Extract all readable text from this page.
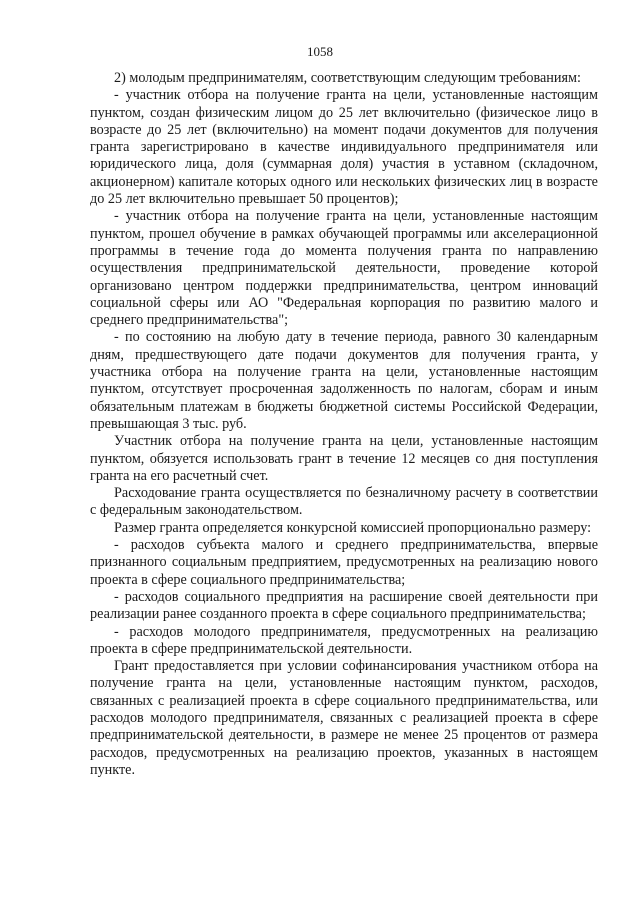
1058

2) молодым предпринимателям, соответствующим следующим требованиям:

- участник отбора на получение гранта на цели, установленные настоящим пунктом, создан физическим лицом до 25 лет включительно (физическое лицо в возрасте до 25 лет (включительно) на момент подачи документов для получения гранта зарегистрировано в качестве индивидуального предпринимателя или юридического лица, доля (суммарная доля) участия в уставном (складочном, акционерном) капитале которых одного или нескольких физических лиц в возрасте до 25 лет включительно превышает 50 процентов);

- участник отбора на получение гранта на цели, установленные настоящим пунктом, прошел обучение в рамках обучающей программы или акселерационной программы в течение года до момента получения гранта по направлению осуществления предпринимательской деятельности, проведение которой организовано центром поддержки предпринимательства, центром инноваций социальной сферы или АО "Федеральная корпорация по развитию малого и среднего предпринимательства";

- по состоянию на любую дату в течение периода, равного 30 календарным дням, предшествующего дате подачи документов для получения гранта, у участника отбора на получение гранта на цели, установленные настоящим пунктом, отсутствует просроченная задолженность по налогам, сборам и иным обязательным платежам в бюджеты бюджетной системы Российской Федерации, превышающая 3 тыс. руб.

Участник отбора на получение гранта на цели, установленные настоящим пунктом, обязуется использовать грант в течение 12 месяцев со дня поступления гранта на его расчетный счет.

Расходование гранта осуществляется по безналичному расчету в соответствии с федеральным законодательством.

Размер гранта определяется конкурсной комиссией пропорционально размеру:

- расходов субъекта малого и среднего предпринимательства, впервые признанного социальным предприятием, предусмотренных на реализацию нового проекта в сфере социального предпринимательства;

- расходов социального предприятия на расширение своей деятельности при реализации ранее созданного проекта в сфере социального предпринимательства;

- расходов молодого предпринимателя, предусмотренных на реализацию проекта в сфере предпринимательской деятельности.

Грант предоставляется при условии софинансирования участником отбора на получение гранта на цели, установленные настоящим пунктом, расходов, связанных с реализацией проекта в сфере социального предпринимательства, или расходов молодого предпринимателя, связанных с реализацией проекта в сфере предпринимательской деятельности, в размере не менее 25 процентов от размера расходов, предусмотренных на реализацию проектов, указанных в настоящем пункте.
